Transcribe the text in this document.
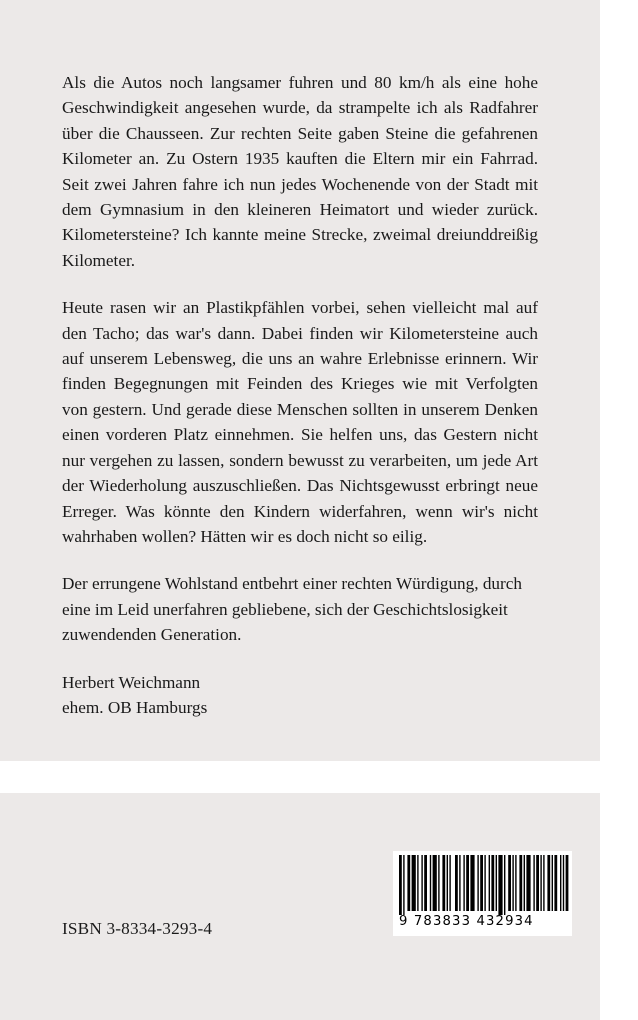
Als die Autos noch langsamer fuhren und 80 km/h als eine hohe Geschwindigkeit angesehen wurde, da strampelte ich als Radfahrer über die Chausseen. Zur rechten Seite gaben Steine die gefahrenen Kilometer an. Zu Ostern 1935 kauften die Eltern mir ein Fahrrad. Seit zwei Jahren fahre ich nun jedes Wochenende von der Stadt mit dem Gymnasium in den kleineren Heimatort und wieder zurück. Kilometersteine? Ich kannte meine Strecke, zweimal dreiunddreißig Kilometer.

Heute rasen wir an Plastikpfählen vorbei, sehen vielleicht mal auf den Tacho; das war's dann. Dabei finden wir Kilometersteine auch auf unserem Lebensweg, die uns an wahre Erlebnisse erinnern. Wir finden Begegnungen mit Feinden des Krieges wie mit Verfolgten von gestern. Und gerade diese Menschen sollten in unserem Denken einen vorderen Platz einnehmen. Sie helfen uns, das Gestern nicht nur vergehen zu lassen, sondern bewusst zu verarbeiten, um jede Art der Wiederholung auszuschließen. Das Nichtsgewusst erbringt neue Erreger. Was könnte den Kindern widerfahren, wenn wir's nicht wahrhaben wollen? Hätten wir es doch nicht so eilig.

Der errungene Wohlstand entbehrt einer rechten Würdigung, durch eine im Leid unerfahren gebliebene, sich der Geschichtslosigkeit zuwendenden Generation.

Herbert Weichmann

ehem. OB Hamburgs

ISBN 3-8334-3293-4	9 783833 432934
